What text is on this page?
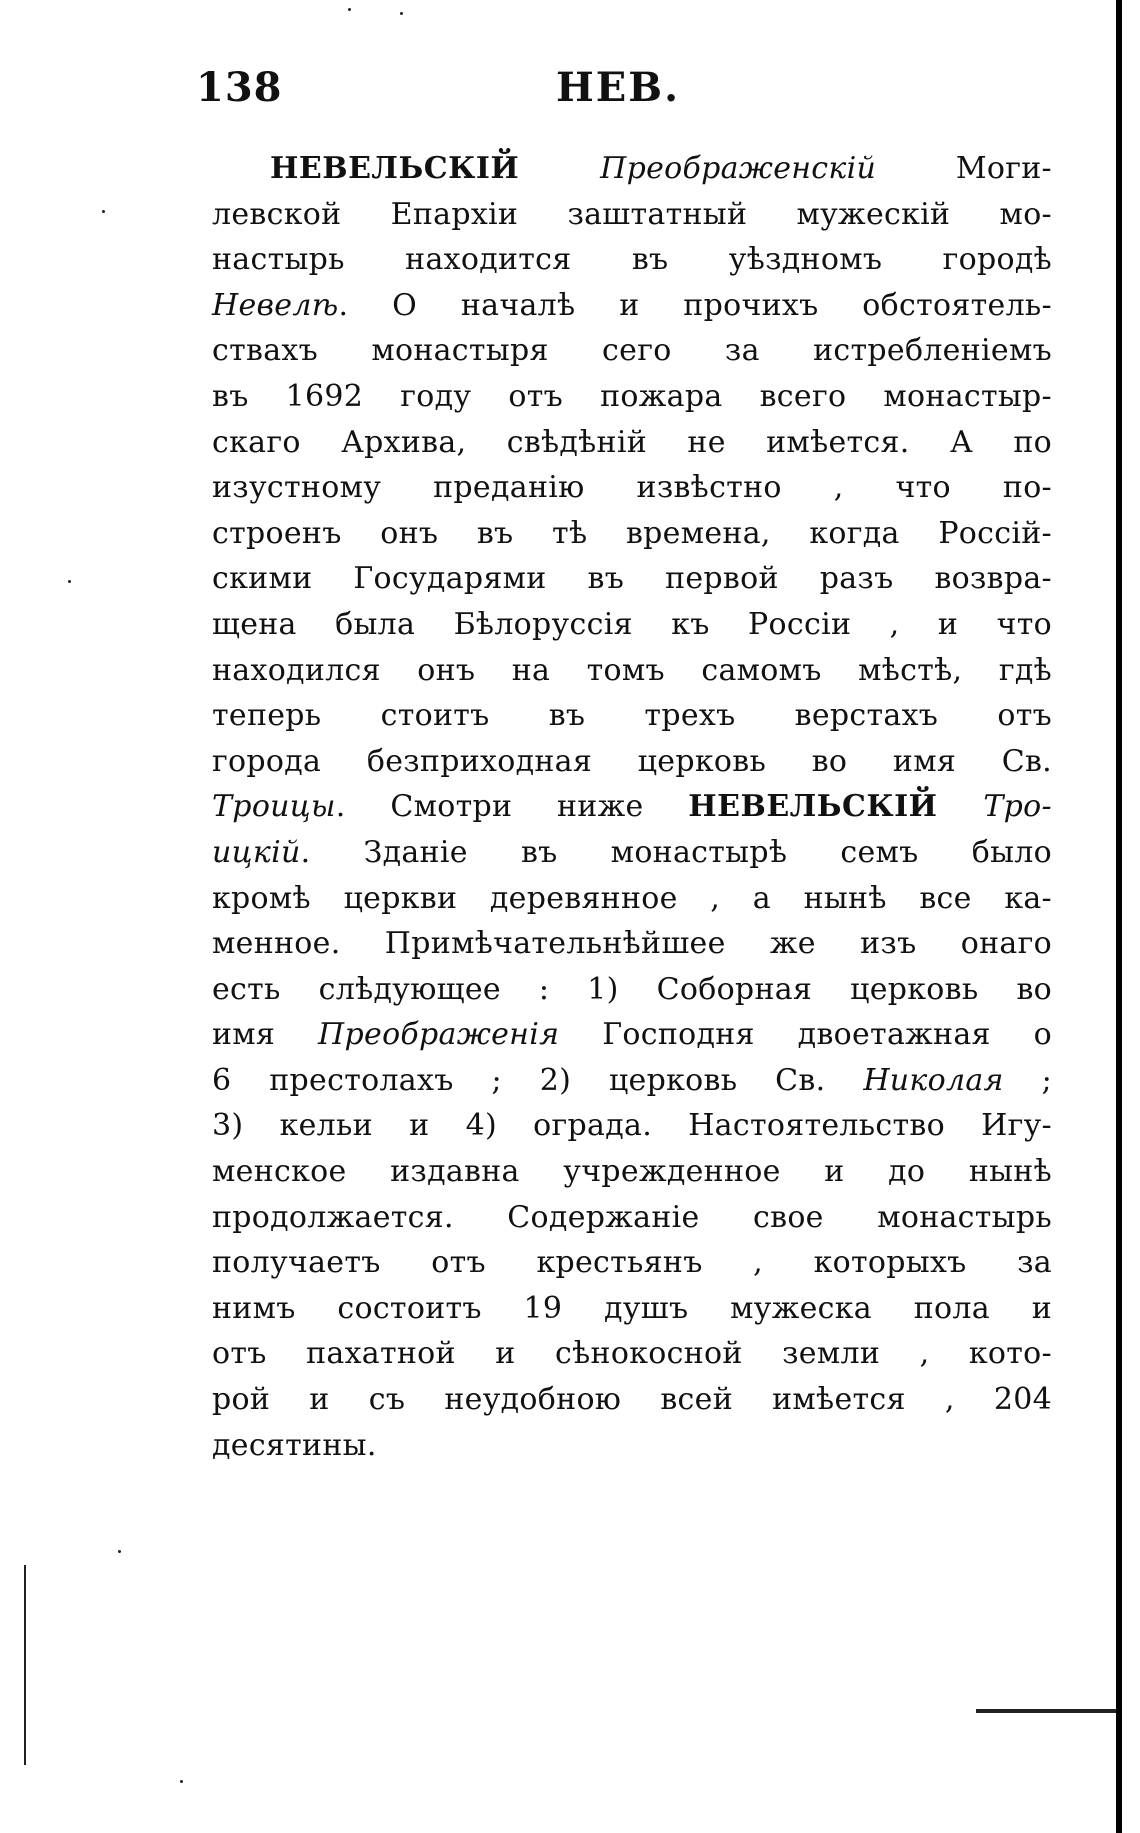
138	НЕВ.
НЕВЕЛЬСКІЙ Преображенскій Моги-
левской Епархіи заштатный мужескій мо-
настырь находится въ уѣздномъ городѣ
Невелѣ. О началѣ и прочихъ обстоятель-
ствахъ монастыря сего за истребленіемъ
въ 1692 году отъ пожара всего монастыр-
скаго Архива, свѣдѣній не имѣется. А по
изустному преданію извѣстно , что по-
строенъ онъ въ тѣ времена, когда Россій-
скими Государями въ первой разъ возвра-
щена была Бѣлоруссія къ Россіи , и что
находился онъ на томъ самомъ мѣстѣ, гдѣ
теперь стоитъ въ трехъ верстахъ отъ
города безприходная церковь во имя Св.
Троицы. Смотри ниже НЕВЕЛЬСКІЙ Тро-
ицкій. Зданіе въ монастырѣ семъ было
кромѣ церкви деревянное , а нынѣ все ка-
менное. Примѣчательнѣйшее же изъ онаго
есть слѣдующее : 1) Соборная церковь во
имя Преображенія Господня двоетажная о
6 престолахъ ; 2) церковь Св. Николая ;
3) кельи и 4) ограда. Настоятельство Игу-
менское издавна учрежденное и до нынѣ
продолжается. Содержаніе свое монастырь
получаетъ отъ крестьянъ , которыхъ за
нимъ состоитъ 19 душъ мужеска пола и
отъ пахатной и сѣнокосной земли , кото-
рой и съ неудобною всей имѣется , 204
десятины.
